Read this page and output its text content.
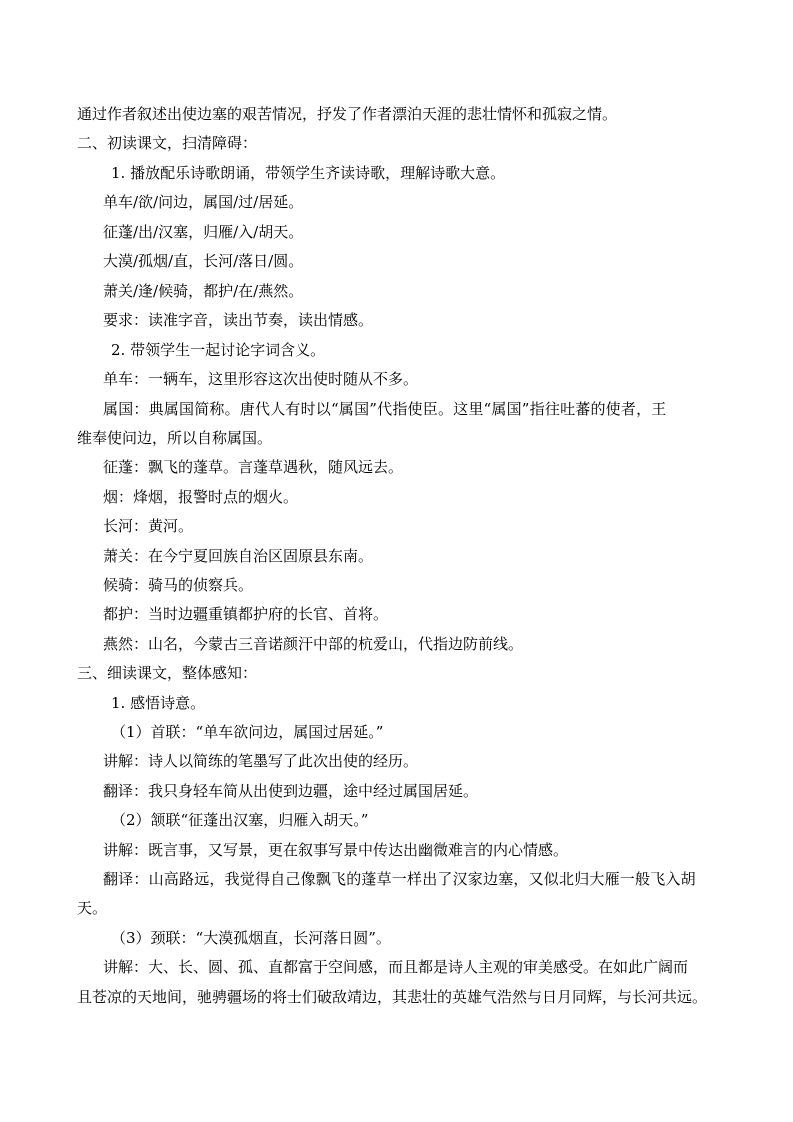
通过作者叙述出使边塞的艰苦情况，抒发了作者漂泊天涯的悲壮情怀和孤寂之情。
二、初读课文，扫清障碍：
1. 播放配乐诗歌朗诵，带领学生齐读诗歌，理解诗歌大意。
单车/欲/问边，属国/过/居延。
征蓬/出/汉塞，归雁/入/胡天。
大漠/孤烟/直，长河/落日/圆。
萧关/逢/候骑，都护/在/燕然。
要求：读准字音，读出节奏，读出情感。
2. 带领学生一起讨论字词含义。
单车：一辆车，这里形容这次出使时随从不多。
属国：典属国简称。唐代人有时以“属国”代指使臣。这里“属国”指往吐蕃的使者，王
维奉使问边，所以自称属国。
征蓬：飘飞的蓬草。言蓬草遇秋，随风远去。
烟：烽烟，报警时点的烟火。
长河：黄河。
萧关：在今宁夏回族自治区固原县东南。
候骑：骑马的侦察兵。
都护：当时边疆重镇都护府的长官、首将。
燕然：山名，今蒙古三音诺颜汗中部的杭爱山，代指边防前线。
三、细读课文，整体感知：
1. 感悟诗意。
（1）首联：“单车欲问边，属国过居延。”
讲解：诗人以简练的笔墨写了此次出使的经历。
翻译：我只身轻车简从出使到边疆，途中经过属国居延。
（2）颔联“征蓬出汉塞，归雁入胡天。”
讲解：既言事，又写景，更在叙事写景中传达出幽微难言的内心情感。
翻译：山高路远，我觉得自己像飘飞的蓬草一样出了汉家边塞，又似北归大雁一般飞入胡
天。
（3）颈联：“大漠孤烟直，长河落日圆”。
讲解：大、长、圆、孤、直都富于空间感，而且都是诗人主观的审美感受。在如此广阔而
且苍凉的天地间，驰骋疆场的将士们破敌靖边，其悲壮的英雄气浩然与日月同辉，与长河共远。
